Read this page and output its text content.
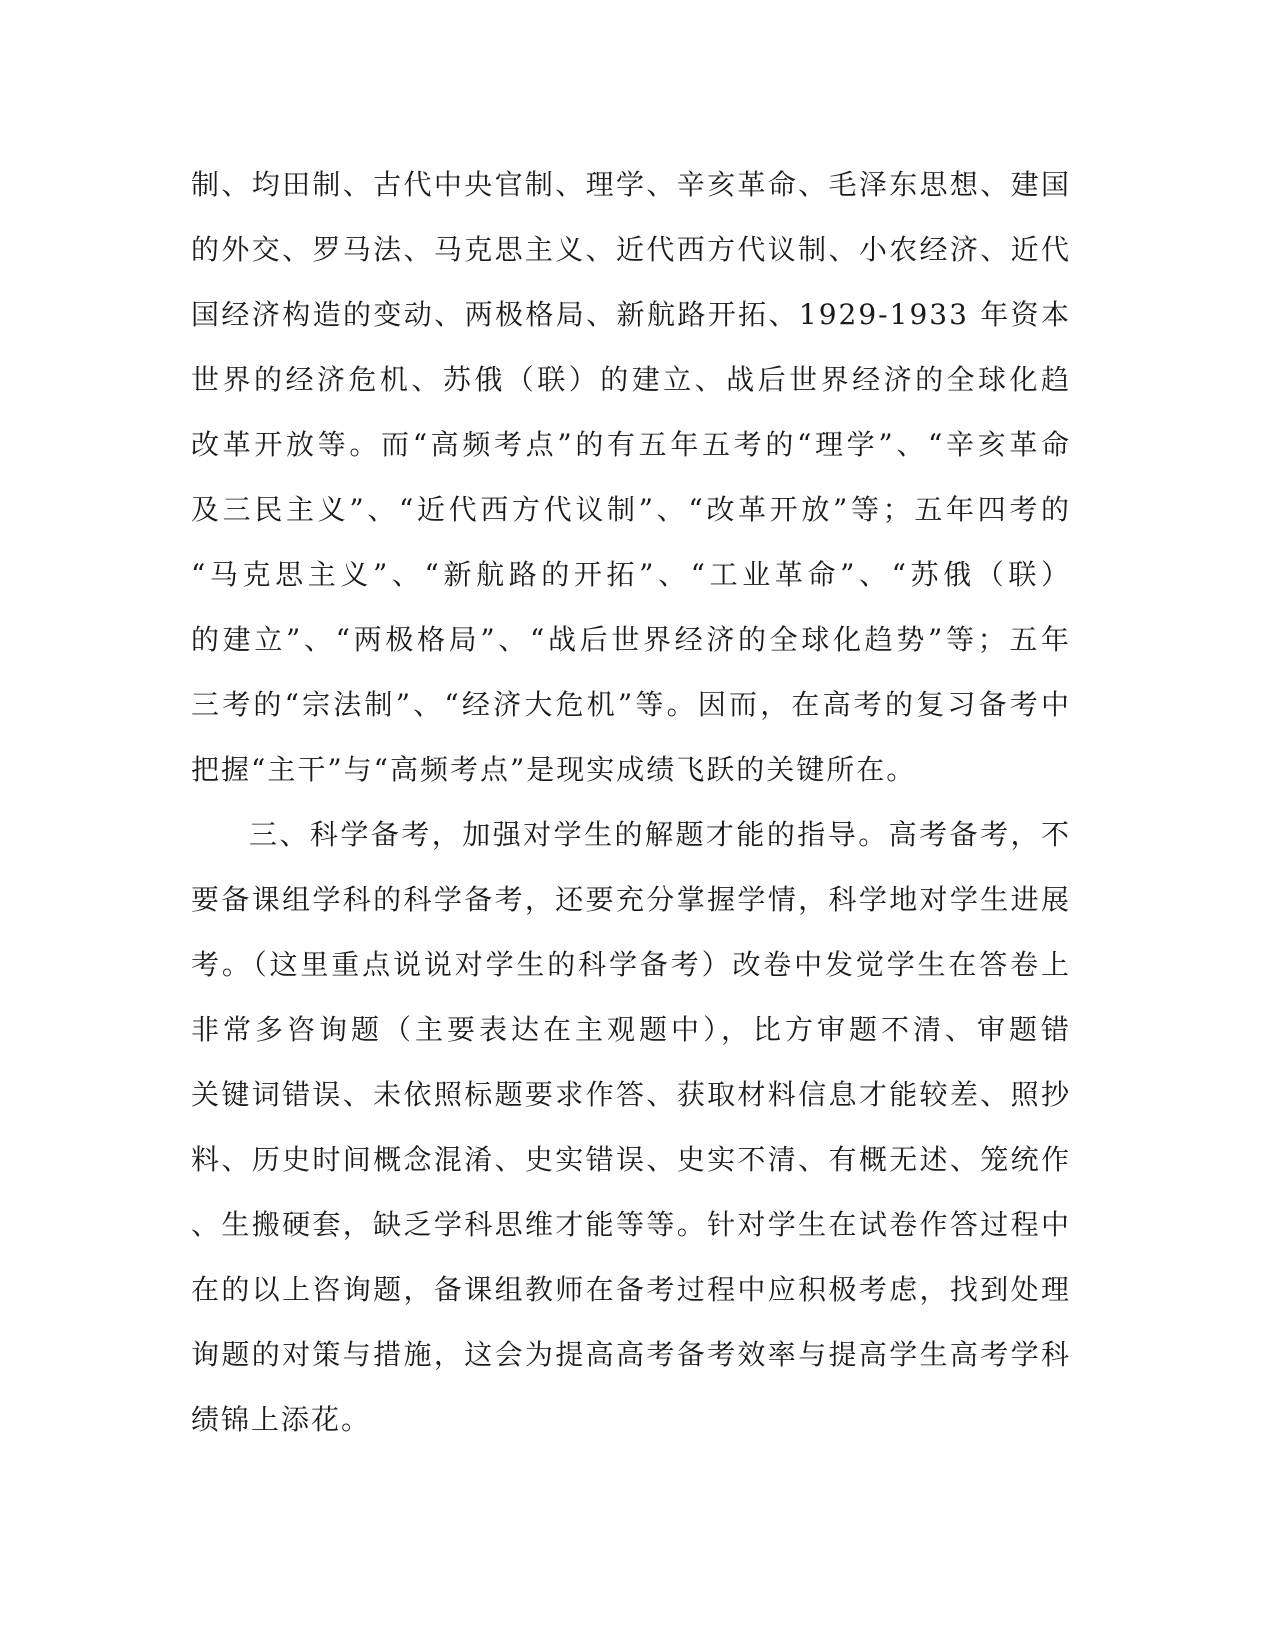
制、均田制、古代中央官制、理学、辛亥革命、毛泽东思想、建国
的外交、罗马法、马克思主义、近代西方代议制、小农经济、近代
国经济构造的变动、两极格局、新航路开拓、1929-1933 年资本
世界的经济危机、苏俄（联）的建立、战后世界经济的全球化趋
改革开放等。而“高频考点”的有五年五考的“理学”、“辛亥革命
及三民主义”、“近代西方代议制”、“改革开放”等；五年四考的
“马克思主义”、“新航路的开拓”、“工业革命”、“苏俄（联）
的建立”、“两极格局”、“战后世界经济的全球化趋势”等；五年
三考的“宗法制”、“经济大危机”等。因而，在高考的复习备考中
把握“主干”与“高频考点”是现实成绩飞跃的关键所在。
三、科学备考，加强对学生的解题才能的指导。高考备考，不
要备课组学科的科学备考，还要充分掌握学情，科学地对学生进展
考。（这里重点说说对学生的科学备考）改卷中发觉学生在答卷上
非常多咨询题（主要表达在主观题中），比方审题不清、审题错
关键词错误、未依照标题要求作答、获取材料信息才能较差、照抄
料、历史时间概念混淆、史实错误、史实不清、有概无述、笼统作
、生搬硬套，缺乏学科思维才能等等。针对学生在试卷作答过程中
在的以上咨询题，备课组教师在备考过程中应积极考虑，找到处理
询题的对策与措施，这会为提高高考备考效率与提高学生高考学科
绩锦上添花。
